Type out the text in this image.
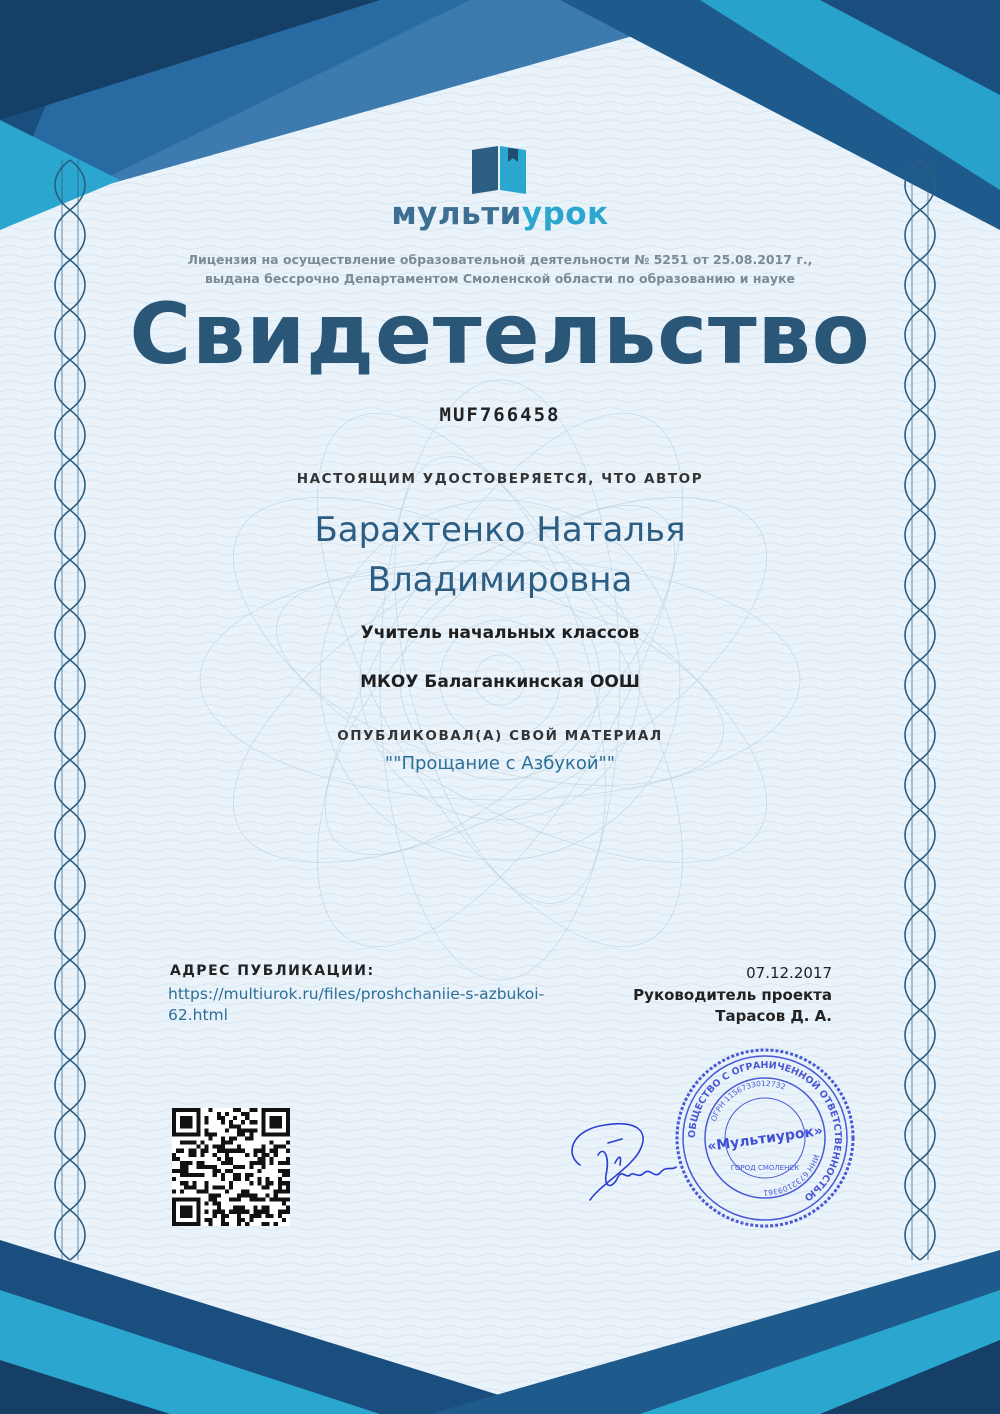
мультиурок
Лицензия на осуществление образовательной деятельности № 5251 от 25.08.2017 г.,
выдана бессрочно Департаментом Смоленской области по образованию и науке
Свидетельство
MUF766458
НАСТОЯЩИМ УДОСТОВЕРЯЕТСЯ, ЧТО АВТОР
Барахтенко Наталья
Владимировна
Учитель начальных классов
МКОУ Балаганкинская ООШ
ОПУБЛИКОВАЛ(А) СВОЙ МАТЕРИАЛ
""Прощание с Азбукой""
АДРЕС ПУБЛИКАЦИИ:
https://multiurok.ru/files/proshchaniie-s-azbukoi-
62.html
07.12.2017
Руководитель проекта
Тарасов Д. А.
ОБЩЕСТВО С ОГРАНИЧЕННОЙ ОТВЕТСТВЕННОСТЬЮ
ИНН 6732109361
ОГРН 1156733012732
ГОРОД СМОЛЕНСК
«Мультиурок»
